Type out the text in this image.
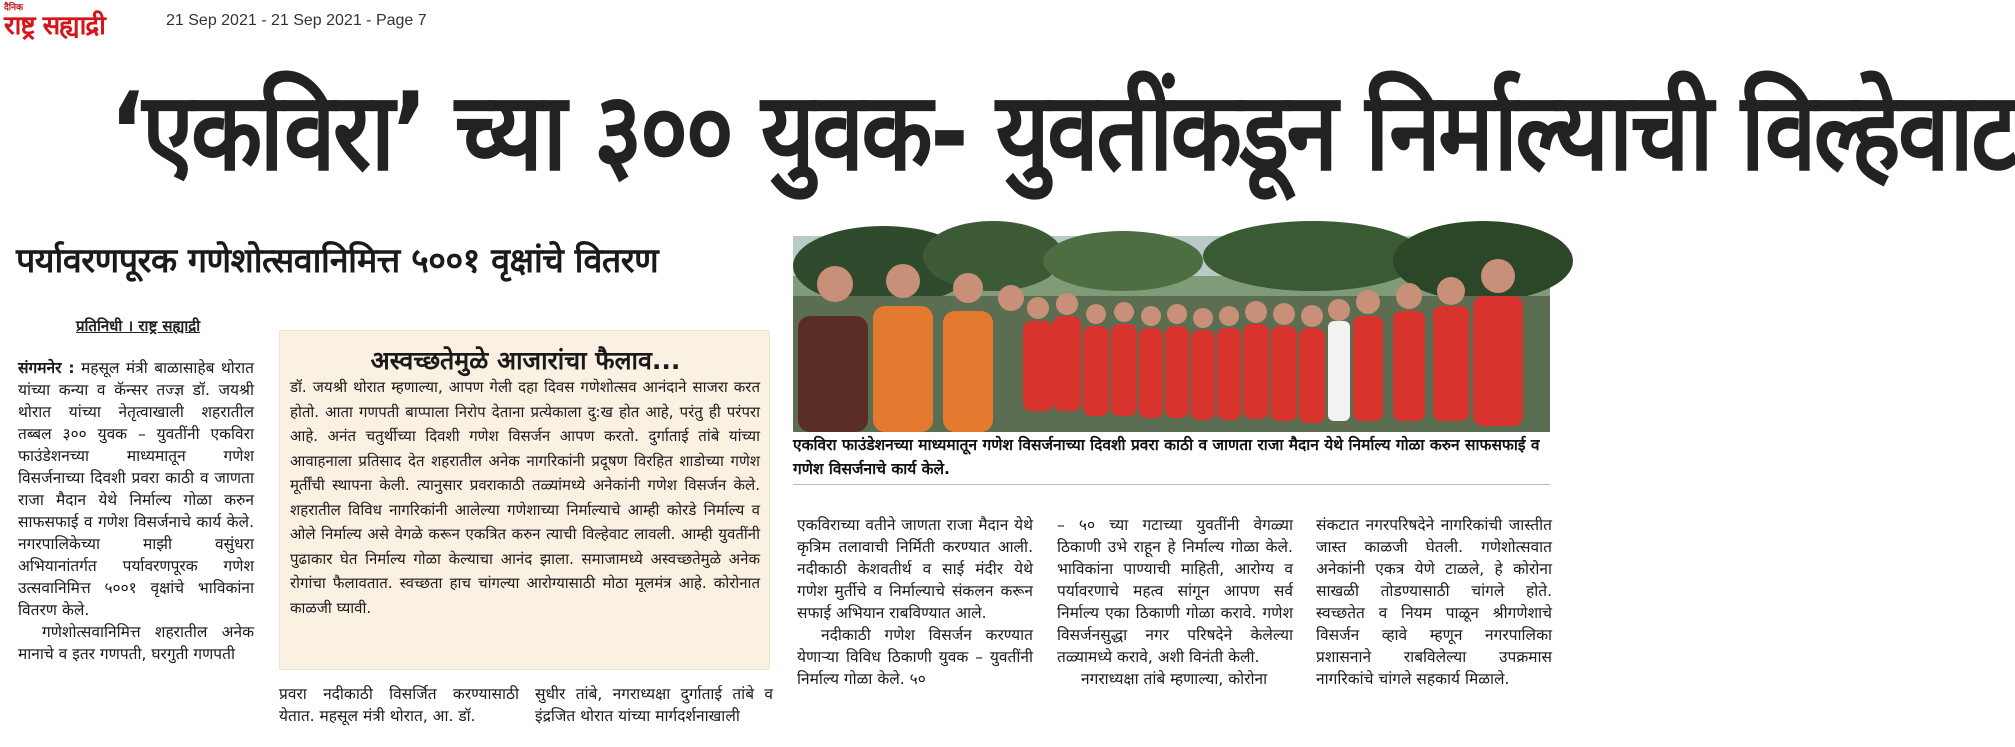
दैनिक
राष्ट्र सह्याद्री	21 Sep 2021 - 21 Sep 2021 - Page 7
‘एकविरा’ च्या ३०० युवक- युवतींकडून निर्माल्याची विल्हेवाट
पर्यावरणपूरक गणेशोत्सवानिमित्त ५००१ वृक्षांचे वितरण
प्रतिनिधी । राष्ट्र सह्याद्री

संगमनेर : महसूल मंत्री बाळासाहेब थोरात यांच्या कन्या व कॅन्सर तज्ज्ञ डॉ. जयश्री थोरात यांच्या नेतृत्वाखाली शहरातील तब्बल ३०० युवक – युवतींनी एकविरा फाउंडेशनच्या माध्यमातून गणेश विसर्जनाच्या दिवशी प्रवरा काठी व जाणता राजा मैदान येथे निर्माल्य गोळा करुन साफसफाई व गणेश विसर्जनाचे कार्य केले. नगरपालिकेच्या माझी वसुंधरा अभियानांतर्गत पर्यावरणपूरक गणेश उत्सवानिमित्त ५००१ वृक्षांचे भाविकांना वितरण केले.

गणेशोत्सवानिमित्त शहरातील अनेक मानाचे व इतर गणपती, घरगुती गणपती

अस्वच्छतेमुळे आजारांचा फैलाव...
डॉ. जयश्री थोरात म्हणाल्या, आपण गेली दहा दिवस गणेशोत्सव आनंदाने साजरा करत होतो. आता गणपती बाप्पाला निरोप देताना प्रत्येकाला दु:ख होत आहे, परंतु ही परंपरा आहे. अनंत चतुर्थीच्या दिवशी गणेश विसर्जन आपण करतो. दुर्गाताई तांबे यांच्या आवाहनाला प्रतिसाद देत शहरातील अनेक नागरिकांनी प्रदूषण विरहित शाडोच्या गणेश मूर्तींची स्थापना केली. त्यानुसार प्रवराकाठी तळ्यांमध्ये अनेकांनी गणेश विसर्जन केले. शहरातील विविध नागरिकांनी आलेल्या गणेशाच्या निर्माल्याचे आम्ही कोरडे निर्माल्य व ओले निर्माल्य असे वेगळे करून एकत्रित करुन त्याची विल्हेवाट लावली. आम्ही युवतींनी पुढाकार घेत निर्माल्य गोळा केल्याचा आनंद झाला. समाजामध्ये अस्वच्छतेमुळे अनेक रोगांचा फैलावतात. स्वच्छता हाच चांगल्या आरोग्यासाठी मोठा मूलमंत्र आहे. कोरोनात काळजी घ्यावी.
प्रवरा नदीकाठी विसर्जित करण्यासाठी येतात. महसूल मंत्री थोरात, आ. डॉ.
सुधीर तांबे, नगराध्यक्षा दुर्गाताई तांबे व इंद्रजित थोरात यांच्या मार्गदर्शनाखाली
एकविरा फाउंडेशनच्या माध्यमातून गणेश विसर्जनाच्या दिवशी प्रवरा काठी व जाणता राजा मैदान येथे निर्माल्य गोळा करुन साफसफाई व गणेश विसर्जनाचे कार्य केले.

एकविराच्या वतीने जाणता राजा मैदान येथे कृत्रिम तलावाची निर्मिती करण्यात आली. नदीकाठी केशवतीर्थ व साई मंदीर येथे गणेश मुर्तीचे व निर्माल्याचे संकलन करून सफाई अभियान राबविण्यात आले.

नदीकाठी गणेश विसर्जन करण्यात येणाऱ्या विविध ठिकाणी युवक – युवतींनी निर्माल्य गोळा केले. ५०

– ५० च्या गटाच्या युवतींनी वेगळ्या ठिकाणी उभे राहून हे निर्माल्य गोळा केले. भाविकांना पाण्याची माहिती, आरोग्य व पर्यावरणाचे महत्व सांगून आपण सर्व निर्माल्य एका ठिकाणी गोळा करावे. गणेश विसर्जनसुद्धा नगर परिषदेने केलेल्या तळ्यामध्ये करावे, अशी विनंती केली.

नगराध्यक्षा तांबे म्हणाल्या, कोरोना

संकटात नगरपरिषदेने नागरिकांची जास्तीत जास्त काळजी घेतली. गणेशोत्सवात अनेकांनी एकत्र येणे टाळले, हे कोरोना साखळी तोडण्यासाठी चांगले होते. स्वच्छतेत व नियम पाळून श्रीगणेशाचे विसर्जन व्हावे म्हणून नगरपालिका प्रशासनाने राबविलेल्या उपक्रमास नागरिकांचे चांगले सहकार्य मिळाले.
